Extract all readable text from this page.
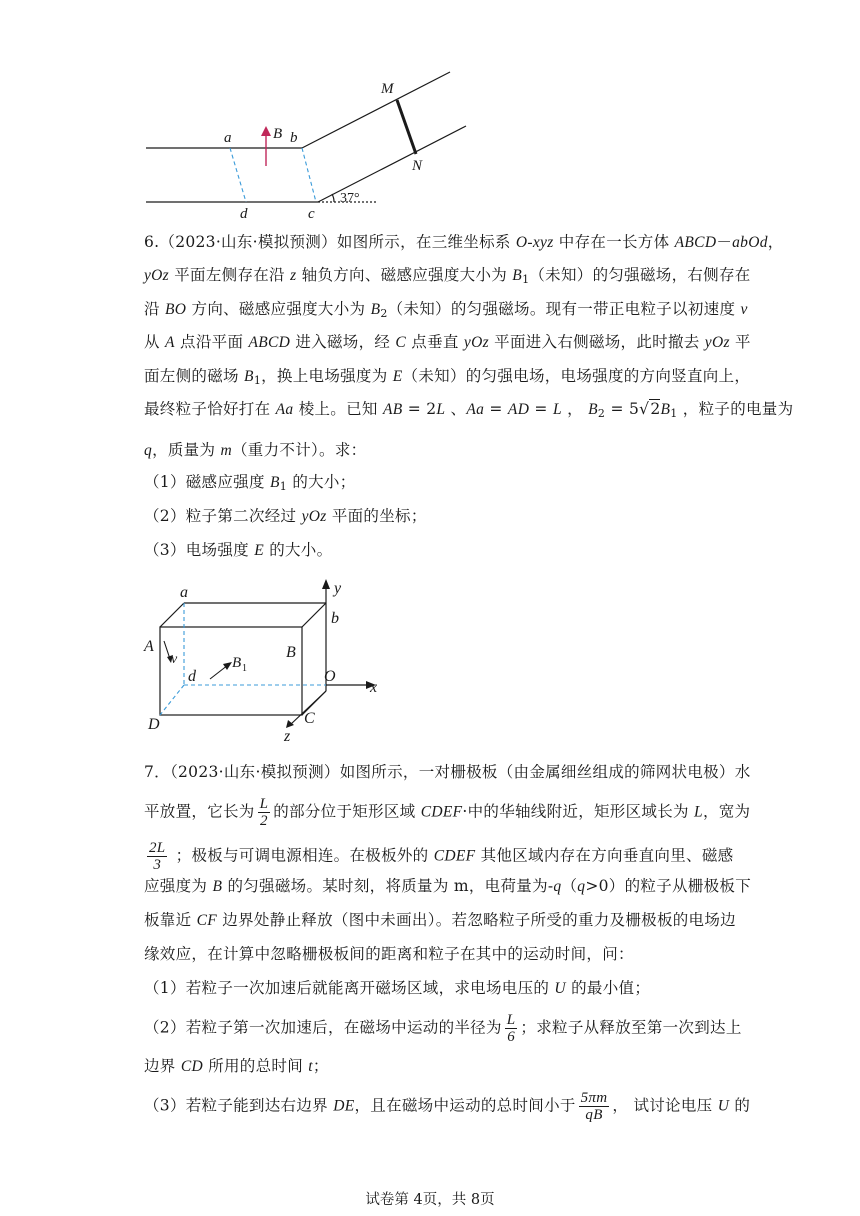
a	B b
M
N
d	c
37°
6.（2023·山东·模拟预测）如图所示，在三维坐标系 O-xyz 中存在一长方体 ABCD－abOd，
yOz 平面左侧存在沿 z 轴负方向、磁感应强度大小为 $B_1$（未知）的匀强磁场，右侧存在
沿 BO 方向、磁感应强度大小为 $B_2$（未知）的匀强磁场。现有一带正电粒子以初速度 v
从 A 点沿平面 ABCD 进入磁场，经 C 点垂直 yOz 平面进入右侧磁场，此时撤去 yOz 平
面左侧的磁场 $B_1$，换上电场强度为 E（未知）的匀强电场，电场强度的方向竖直向上，
最终粒子恰好打在 Aa 棱上。已知 AB = 2L 、Aa = AD = L ， $B_2 = 5√2B_1$ ，粒子的电量为
q，质量为 m（重力不计）。求：
（1）磁感应强度 $B_1$ 的大小；
（2）粒子第二次经过 yOz 平面的坐标；
（3）电场强度 E 的大小。
y
a
b
A
v	B
B
d	O
x
D	C
z
1
7．（2023·山东·模拟预测）如图所示，一对栅极板（由金属细丝组成的筛网状电极）水
平放置，它长为 $\frac{L}{2}$ 的部分位于矩形区域 CDEF·中的华轴线附近，矩形区域长为 L，宽为
$\frac{2L}{3}$ ；极板与可调电源相连。在极板外的 CDEF 其他区域内存在方向垂直向里、磁感
应强度为 B 的匀强磁场。某时刻，将质量为 m，电荷量为-q（q>0）的粒子从栅极板下
板靠近 CF 边界处静止释放（图中未画出）。若忽略粒子所受的重力及栅极板的电场边
缘效应，在计算中忽略栅极板间的距离和粒子在其中的运动时间，问：
（1）若粒子一次加速后就能离开磁场区域，求电场电压的 U 的最小值；
（2）若粒子第一次加速后，在磁场中运动的半径为 $\frac{L}{6}$ ；求粒子从释放至第一次到达上
边界 CD 所用的总时间 t；
（3）若粒子能到达右边界 DE，且在磁场中运动的总时间小于 $\frac{5\pi m}{qB}$ ， 试讨论电压 U 的
试卷第 4页，共 8页
